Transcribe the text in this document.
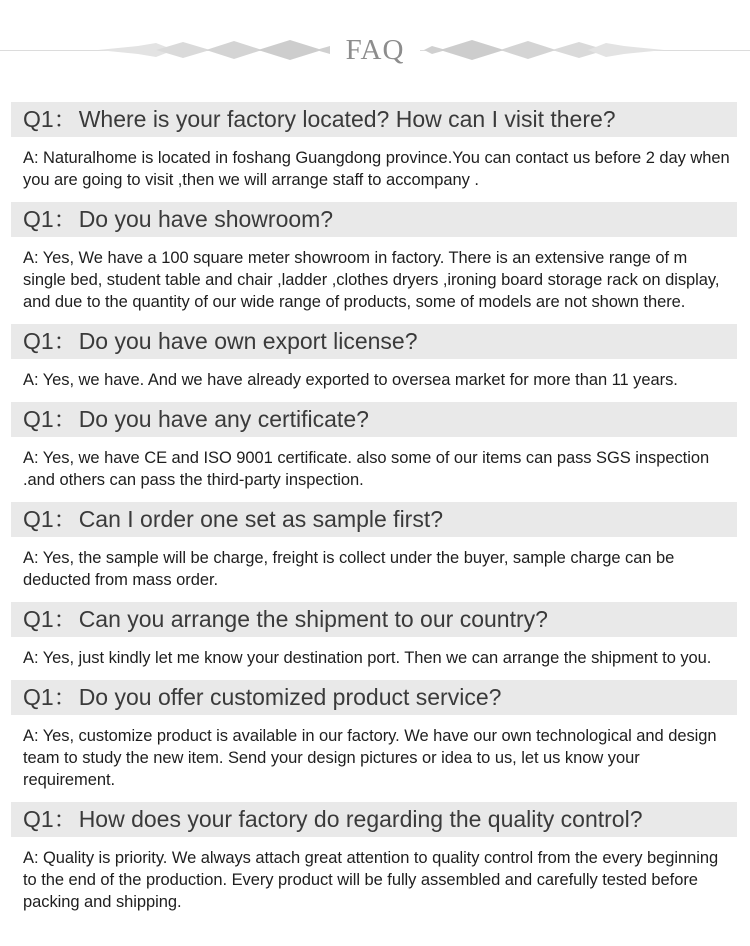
FAQ
Q1：Where is your factory located? How can I visit there?
A: Naturalhome is located in foshang Guangdong province.You can contact us before 2 day when you are going to visit ,then we will arrange staff to accompany .
Q1：Do you have showroom?
A: Yes, We have a 100 square meter showroom in factory. There is an extensive range of m single bed, student table and chair ,ladder ,clothes dryers ,ironing board storage rack on display, and due to the quantity of our wide range of products, some of models are not shown there.
Q1：Do you have own export license?
A: Yes, we have. And we have already exported to oversea market for more than 11 years.
Q1：Do you have any certificate?
A: Yes, we have CE and ISO 9001 certificate. also some of our items can pass SGS inspection .and others can pass the third-party inspection.
Q1：Can I order one set as sample first?
A: Yes, the sample will be charge, freight is collect under the buyer, sample charge can be deducted from mass order.
Q1：Can you arrange the shipment to our country?
A: Yes, just kindly let me know your destination port. Then we can arrange the shipment to you.
Q1：Do you offer customized product service?
A: Yes, customize product is available in our factory. We have our own technological and design team to study the new item. Send your design pictures or idea to us, let us know your requirement.
Q1：How does your factory do regarding the quality control?
A: Quality is priority. We always attach great attention to quality control from the every beginning to the end of the production. Every product will be fully assembled and carefully tested before packing and shipping.
